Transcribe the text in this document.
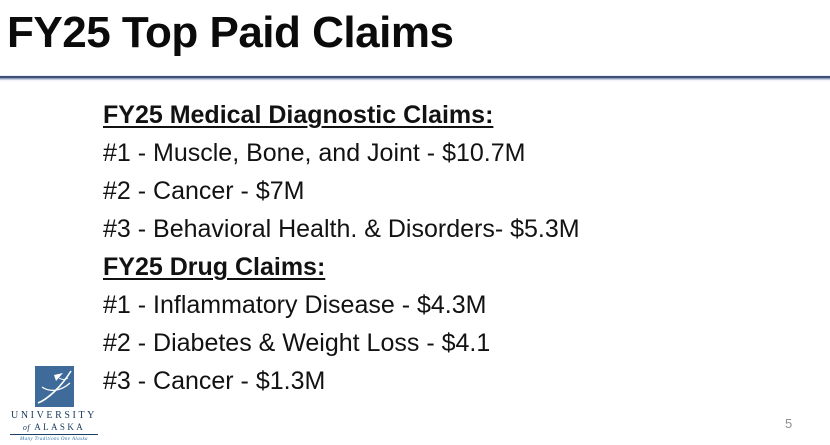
FY25 Top Paid Claims
FY25 Medical Diagnostic Claims:
#1 - Muscle, Bone, and Joint - $10.7M
#2 - Cancer - $7M
#3 - Behavioral Health. & Disorders- $5.3M
FY25 Drug Claims:
#1 - Inflammatory Disease - $4.3M
#2 - Diabetes & Weight Loss - $4.1
#3 - Cancer - $1.3M
UNIVERSITY
of ALASKA
Many Traditions One Alaska
5
